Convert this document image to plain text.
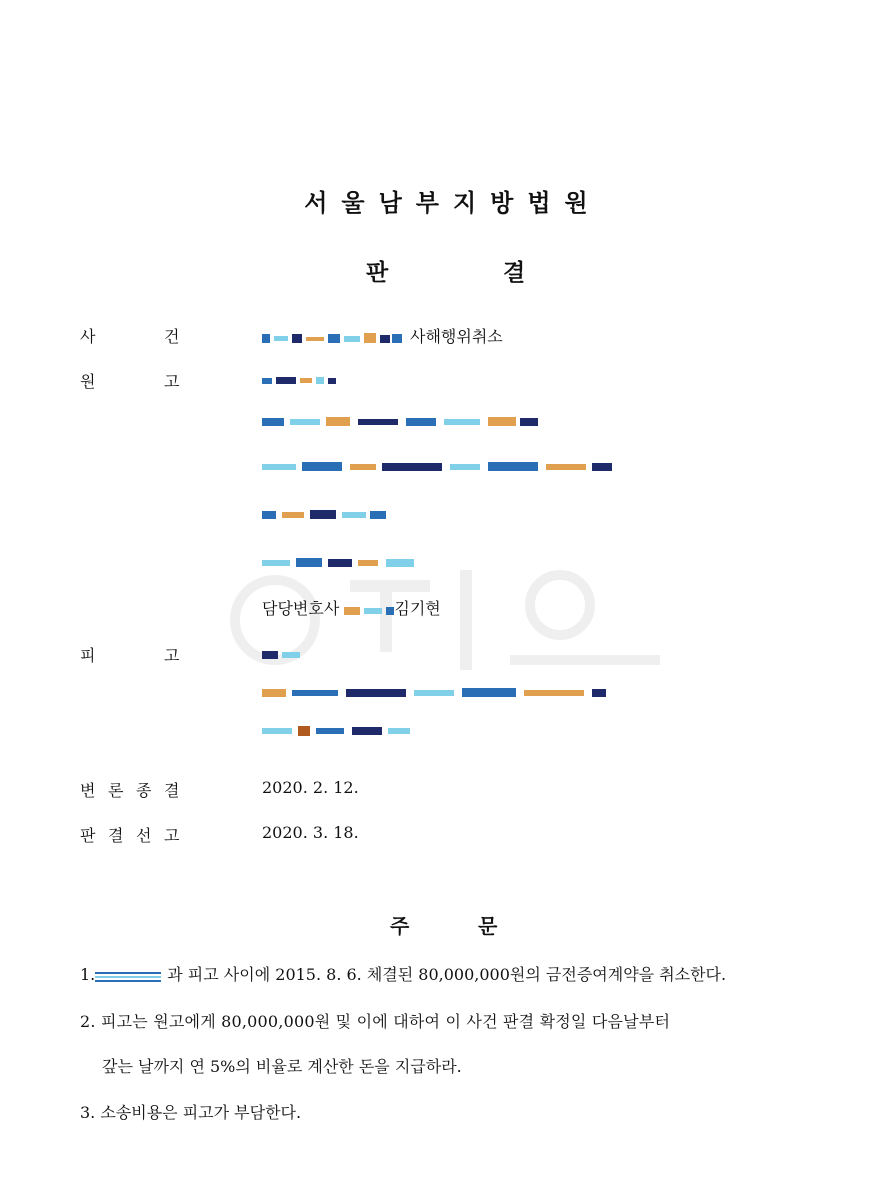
서울남부지방법원
판	결
사	건	사해행위취소
원	고
담당변호사	김기현
피	고
변 론 종 결	2020. 2. 12.
판 결 선 고	2020. 3. 18.
주	문
1.	과 피고 사이에 2015. 8. 6. 체결된 80,000,000원의 금전증여계약을 취소한다.
2. 피고는 원고에게 80,000,000원 및 이에 대하여 이 사건 판결 확정일 다음날부터
갚는 날까지 연 5%의 비율로 계산한 돈을 지급하라.
3. 소송비용은 피고가 부담한다.
